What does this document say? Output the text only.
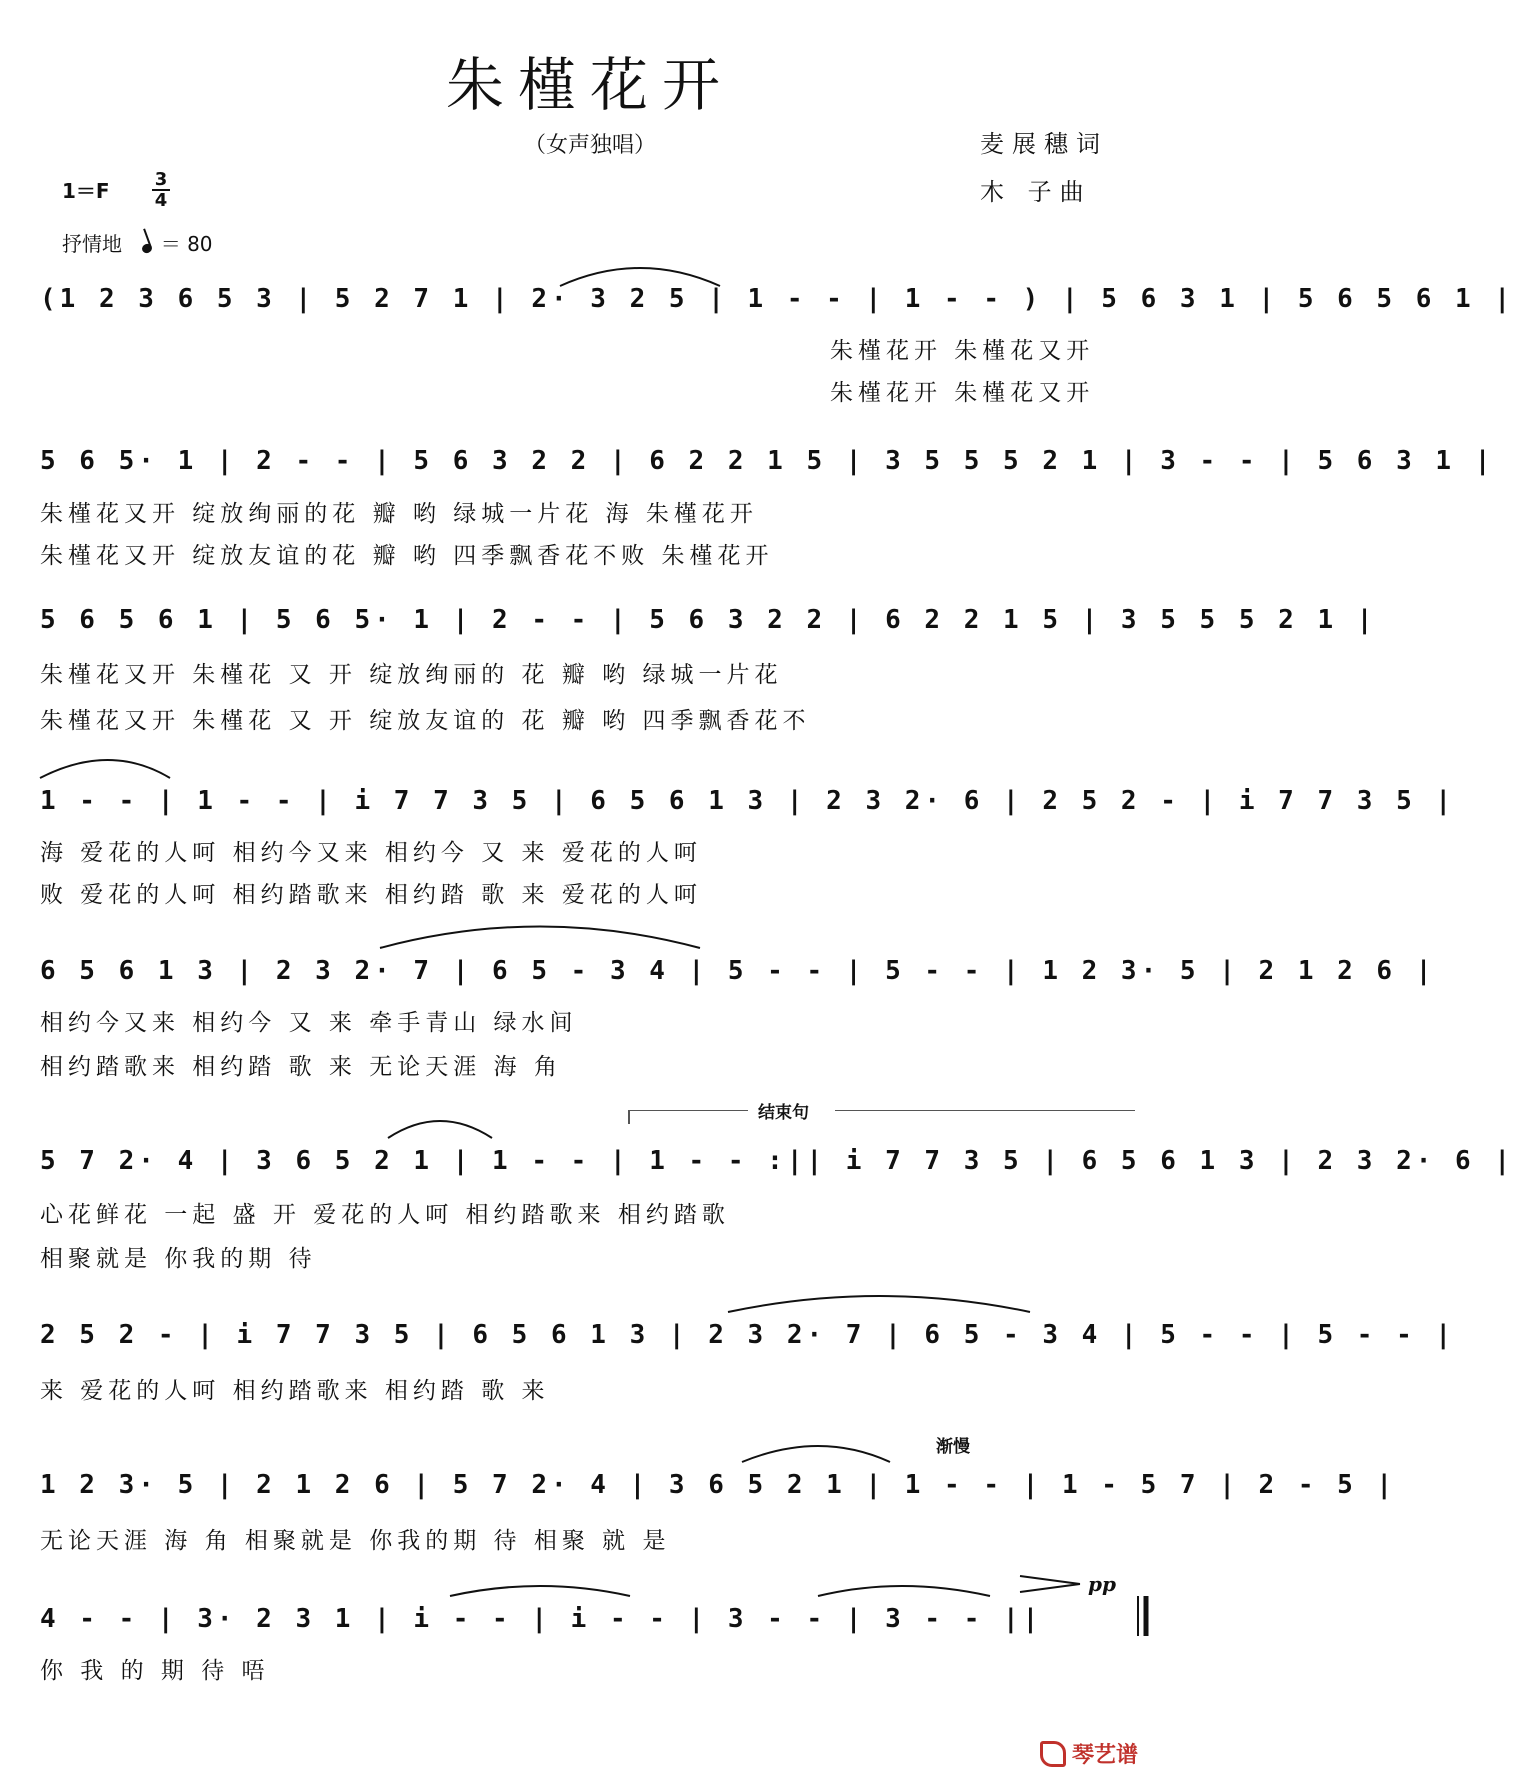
朱槿花开
（女声独唱）	麦展穗词
木 子曲
1＝F	3
4
抒情地 ＝ 80
(1 2 3 6 5 3 | 5 2 7 1 | 2· 3 2 5 | 1 - - | 1 - - ) | 5 6 3 1 | 5 6 5 6 1 |
朱槿花开 朱槿花又开
朱槿花开 朱槿花又开
5 6 5· 1 | 2 - - | 5 6 3 2 2 | 6 2 2 1 5 | 3 5 5 5 2 1 | 3 - - | 5 6 3 1 |
朱槿花又开 绽放绚丽的花 瓣 哟 绿城一片花 海 朱槿花开
朱槿花又开 绽放友谊的花 瓣 哟 四季飘香花不败 朱槿花开
5 6 5 6 1 | 5 6 5· 1 | 2 - - | 5 6 3 2 2 | 6 2 2 1 5 | 3 5 5 5 2 1 |
朱槿花又开 朱槿花 又 开 绽放绚丽的 花 瓣 哟 绿城一片花
朱槿花又开 朱槿花 又 开 绽放友谊的 花 瓣 哟 四季飘香花不
1 - - | 1 - - | i 7 7 3 5 | 6 5 6 1 3 | 2 3 2· 6 | 2 5 2 - | i 7 7 3 5 |
海 爱花的人呵 相约今又来 相约今 又 来 爱花的人呵
败 爱花的人呵 相约踏歌来 相约踏 歌 来 爱花的人呵
6 5 6 1 3 | 2 3 2· 7 | 6 5 - 3 4 | 5 - - | 5 - - | 1 2 3· 5 | 2 1 2 6 |
相约今又来 相约今 又 来 牵手青山 绿水间
相约踏歌来 相约踏 歌 来 无论天涯 海 角
结束句
5 7 2· 4 | 3 6 5 2 1 | 1 - - | 1 - - :|| i 7 7 3 5 | 6 5 6 1 3 | 2 3 2· 6 |
心花鲜花 一起 盛 开 爱花的人呵 相约踏歌来 相约踏歌
相聚就是 你我的期 待
2 5 2 - | i 7 7 3 5 | 6 5 6 1 3 | 2 3 2· 7 | 6 5 - 3 4 | 5 - - | 5 - - |
来 爱花的人呵 相约踏歌来 相约踏 歌 来
渐慢
1 2 3· 5 | 2 1 2 6 | 5 7 2· 4 | 3 6 5 2 1 | 1 - - | 1 - 5 7 | 2 - 5 |
无论天涯 海 角 相聚就是 你我的期 待 相聚 就 是
pp
4 - - | 3· 2 3 1 | i - - | i - - | 3 - - | 3 - - ||
你 我 的 期 待 唔
琴艺谱
